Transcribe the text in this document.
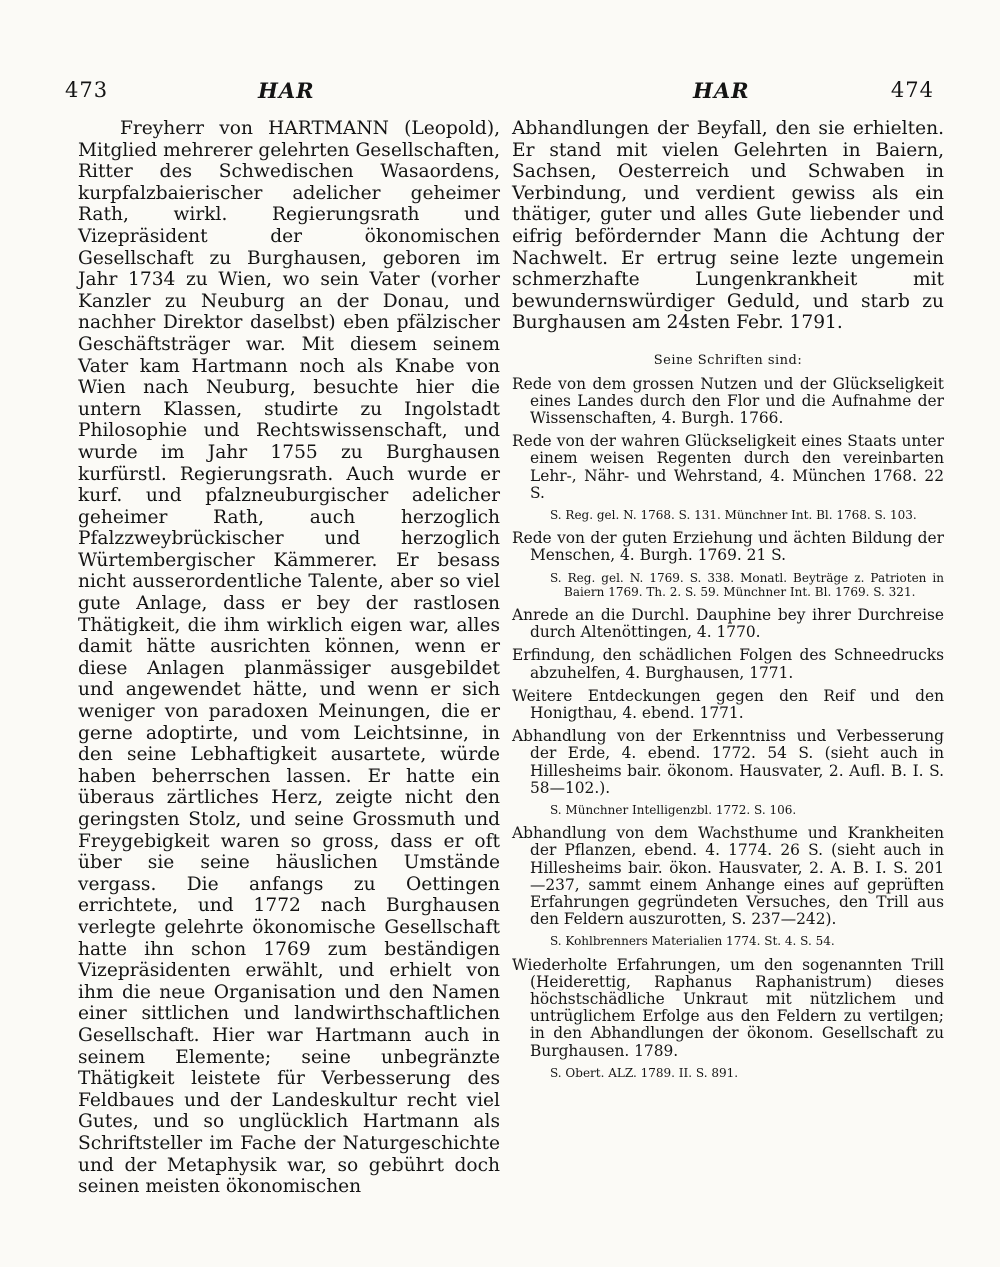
473	HAR	HAR	474

Freyherr von HARTMANN (Leopold), Mitglied mehrerer gelehrten Gesellschaften, Ritter des Schwedischen Wasaordens, kurpfalzbaierischer adelicher geheimer Rath, wirkl. Regierungsrath und Vizepräsident der ökonomischen Gesellschaft zu Burghausen, geboren im Jahr 1734 zu Wien, wo sein Vater (vorher Kanzler zu Neuburg an der Donau, und nachher Direktor daselbst) eben pfälzischer Geschäftsträger war. Mit diesem seinem Vater kam Hartmann noch als Knabe von Wien nach Neuburg, besuchte hier die untern Klassen, studirte zu Ingolstadt Philosophie und Rechtswissenschaft, und wurde im Jahr 1755 zu Burghausen kurfürstl. Regierungsrath. Auch wurde er kurf. und pfalzneuburgischer adelicher geheimer Rath, auch herzoglich Pfalzzweybrückischer und herzoglich Würtembergischer Kämmerer. Er besass nicht ausserordentliche Talente, aber so viel gute Anlage, dass er bey der rastlosen Thätigkeit, die ihm wirklich eigen war, alles damit hätte ausrichten können, wenn er diese Anlagen planmässiger ausgebildet und angewendet hätte, und wenn er sich weniger von paradoxen Meinungen, die er gerne adoptirte, und vom Leichtsinne, in den seine Lebhaftigkeit ausartete, würde haben beherrschen lassen. Er hatte ein überaus zärtliches Herz, zeigte nicht den geringsten Stolz, und seine Grossmuth und Freygebigkeit waren so gross, dass er oft über sie seine häuslichen Umstände vergass. Die anfangs zu Oettingen errichtete, und 1772 nach Burghausen verlegte gelehrte ökonomische Gesellschaft hatte ihn schon 1769 zum beständigen Vizepräsidenten erwählt, und erhielt von ihm die neue Organisation und den Namen einer sittlichen und landwirthschaftlichen Gesellschaft. Hier war Hartmann auch in seinem Elemente; seine unbegränzte Thätigkeit leistete für Verbesserung des Feldbaues und der Landeskultur recht viel Gutes, und so unglücklich Hartmann als Schriftsteller im Fache der Naturgeschichte und der Metaphysik war, so gebührt doch seinen meisten ökonomischen

Abhandlungen der Beyfall, den sie erhielten. Er stand mit vielen Gelehrten in Baiern, Sachsen, Oesterreich und Schwaben in Verbindung, und verdient gewiss als ein thätiger, guter und alles Gute liebender und eifrig befördernder Mann die Achtung der Nachwelt. Er ertrug seine lezte ungemein schmerzhafte Lungenkrankheit mit bewundernswürdiger Geduld, und starb zu Burghausen am 24sten Febr. 1791.

Seine Schriften sind:

Rede von dem grossen Nutzen und der Glückseligkeit eines Landes durch den Flor und die Aufnahme der Wissenschaften, 4. Burgh. 1766.

Rede von der wahren Glückseligkeit eines Staats unter einem weisen Regenten durch den vereinbarten Lehr-, Nähr- und Wehrstand, 4. München 1768. 22 S.

S. Reg. gel. N. 1768. S. 131. Münchner Int. Bl. 1768. S. 103.

Rede von der guten Erziehung und ächten Bildung der Menschen, 4. Burgh. 1769. 21 S.

S. Reg. gel. N. 1769. S. 338. Monatl. Beyträge z. Patrioten in Baiern 1769. Th. 2. S. 59. Münchner Int. Bl. 1769. S. 321.

Anrede an die Durchl. Dauphine bey ihrer Durchreise durch Altenöttingen, 4. 1770.

Erfindung, den schädlichen Folgen des Schneedrucks abzuhelfen, 4. Burghausen, 1771.

Weitere Entdeckungen gegen den Reif und den Honigthau, 4. ebend. 1771.

Abhandlung von der Erkenntniss und Verbesserung der Erde, 4. ebend. 1772. 54 S. (sieht auch in Hillesheims bair. ökonom. Hausvater, 2. Aufl. B. I. S. 58—102.).

S. Münchner Intelligenzbl. 1772. S. 106.

Abhandlung von dem Wachsthume und Krankheiten der Pflanzen, ebend. 4. 1774. 26 S. (sieht auch in Hillesheims bair. ökon. Hausvater, 2. A. B. I. S. 201—237, sammt einem Anhange eines auf geprüften Erfahrungen gegründeten Versuches, den Trill aus den Feldern auszurotten, S. 237—242).

S. Kohlbrenners Materialien 1774. St. 4. S. 54.

Wiederholte Erfahrungen, um den sogenannten Trill (Heiderettig, Raphanus Raphanistrum) dieses höchstschädliche Unkraut mit nützlichem und untrüglichem Erfolge aus den Feldern zu vertilgen; in den Abhandlungen der ökonom. Gesellschaft zu Burghausen. 1789.

S. Obert. ALZ. 1789. II. S. 891.
